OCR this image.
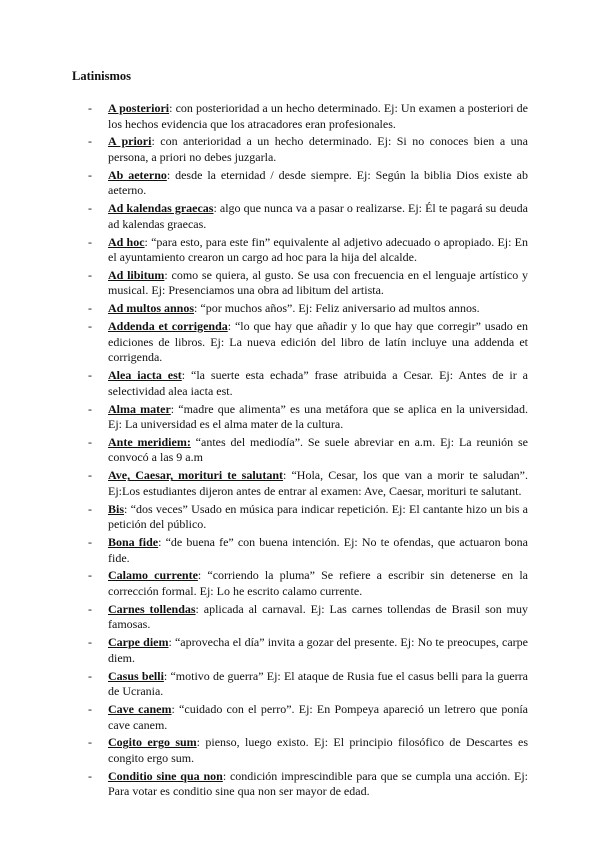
Latinismos
- A posteriori: con posterioridad a un hecho determinado. Ej: Un examen a posteriori de los hechos evidencia que los atracadores eran profesionales.
- A priori: con anterioridad a un hecho determinado. Ej: Si no conoces bien a una persona, a priori no debes juzgarla.
- Ab aeterno: desde la eternidad / desde siempre. Ej: Según la biblia Dios existe ab aeterno.
- Ad kalendas graecas: algo que nunca va a pasar o realizarse. Ej: Él te pagará su deuda ad kalendas graecas.
- Ad hoc: “para esto, para este fin” equivalente al adjetivo adecuado o apropiado. Ej: En el ayuntamiento crearon un cargo ad hoc para la hija del alcalde.
- Ad libitum: como se quiera, al gusto. Se usa con frecuencia en el lenguaje artístico y musical. Ej: Presenciamos una obra ad libitum del artista.
- Ad multos annos: “por muchos años”. Ej: Feliz aniversario ad multos annos.
- Addenda et corrigenda: “lo que hay que añadir y lo que hay que corregir” usado en ediciones de libros. Ej: La nueva edición del libro de latín incluye una addenda et corrigenda.
- Alea iacta est: “la suerte esta echada” frase atribuida a Cesar. Ej: Antes de ir a selectividad alea iacta est.
- Alma mater: “madre que alimenta” es una metáfora que se aplica en la universidad. Ej: La universidad es el alma mater de la cultura.
- Ante meridiem: “antes del mediodía”. Se suele abreviar en a.m. Ej: La reunión se convocó a las 9 a.m
- Ave, Caesar, morituri te salutant: “Hola, Cesar, los que van a morir te saludan”. Ej:Los estudiantes dijeron antes de entrar al examen: Ave, Caesar, morituri te salutant.
- Bis: “dos veces” Usado en música para indicar repetición. Ej: El cantante hizo un bis a petición del público.
- Bona fide: “de buena fe” con buena intención. Ej: No te ofendas, que actuaron bona fide.
- Calamo currente: “corriendo la pluma” Se refiere a escribir sin detenerse en la corrección formal. Ej: Lo he escrito calamo currente.
- Carnes tollendas: aplicada al carnaval. Ej: Las carnes tollendas de Brasil son muy famosas.
- Carpe diem: “aprovecha el día” invita a gozar del presente. Ej: No te preocupes, carpe diem.
- Casus belli: “motivo de guerra” Ej: El ataque de Rusia fue el casus belli para la guerra de Ucrania.
- Cave canem: “cuidado con el perro”. Ej: En Pompeya apareció un letrero que ponía cave canem.
- Cogito ergo sum: pienso, luego existo. Ej: El principio filosófico de Descartes es congito ergo sum.
- Conditio sine qua non: condición imprescindible para que se cumpla una acción. Ej: Para votar es conditio sine qua non ser mayor de edad.
